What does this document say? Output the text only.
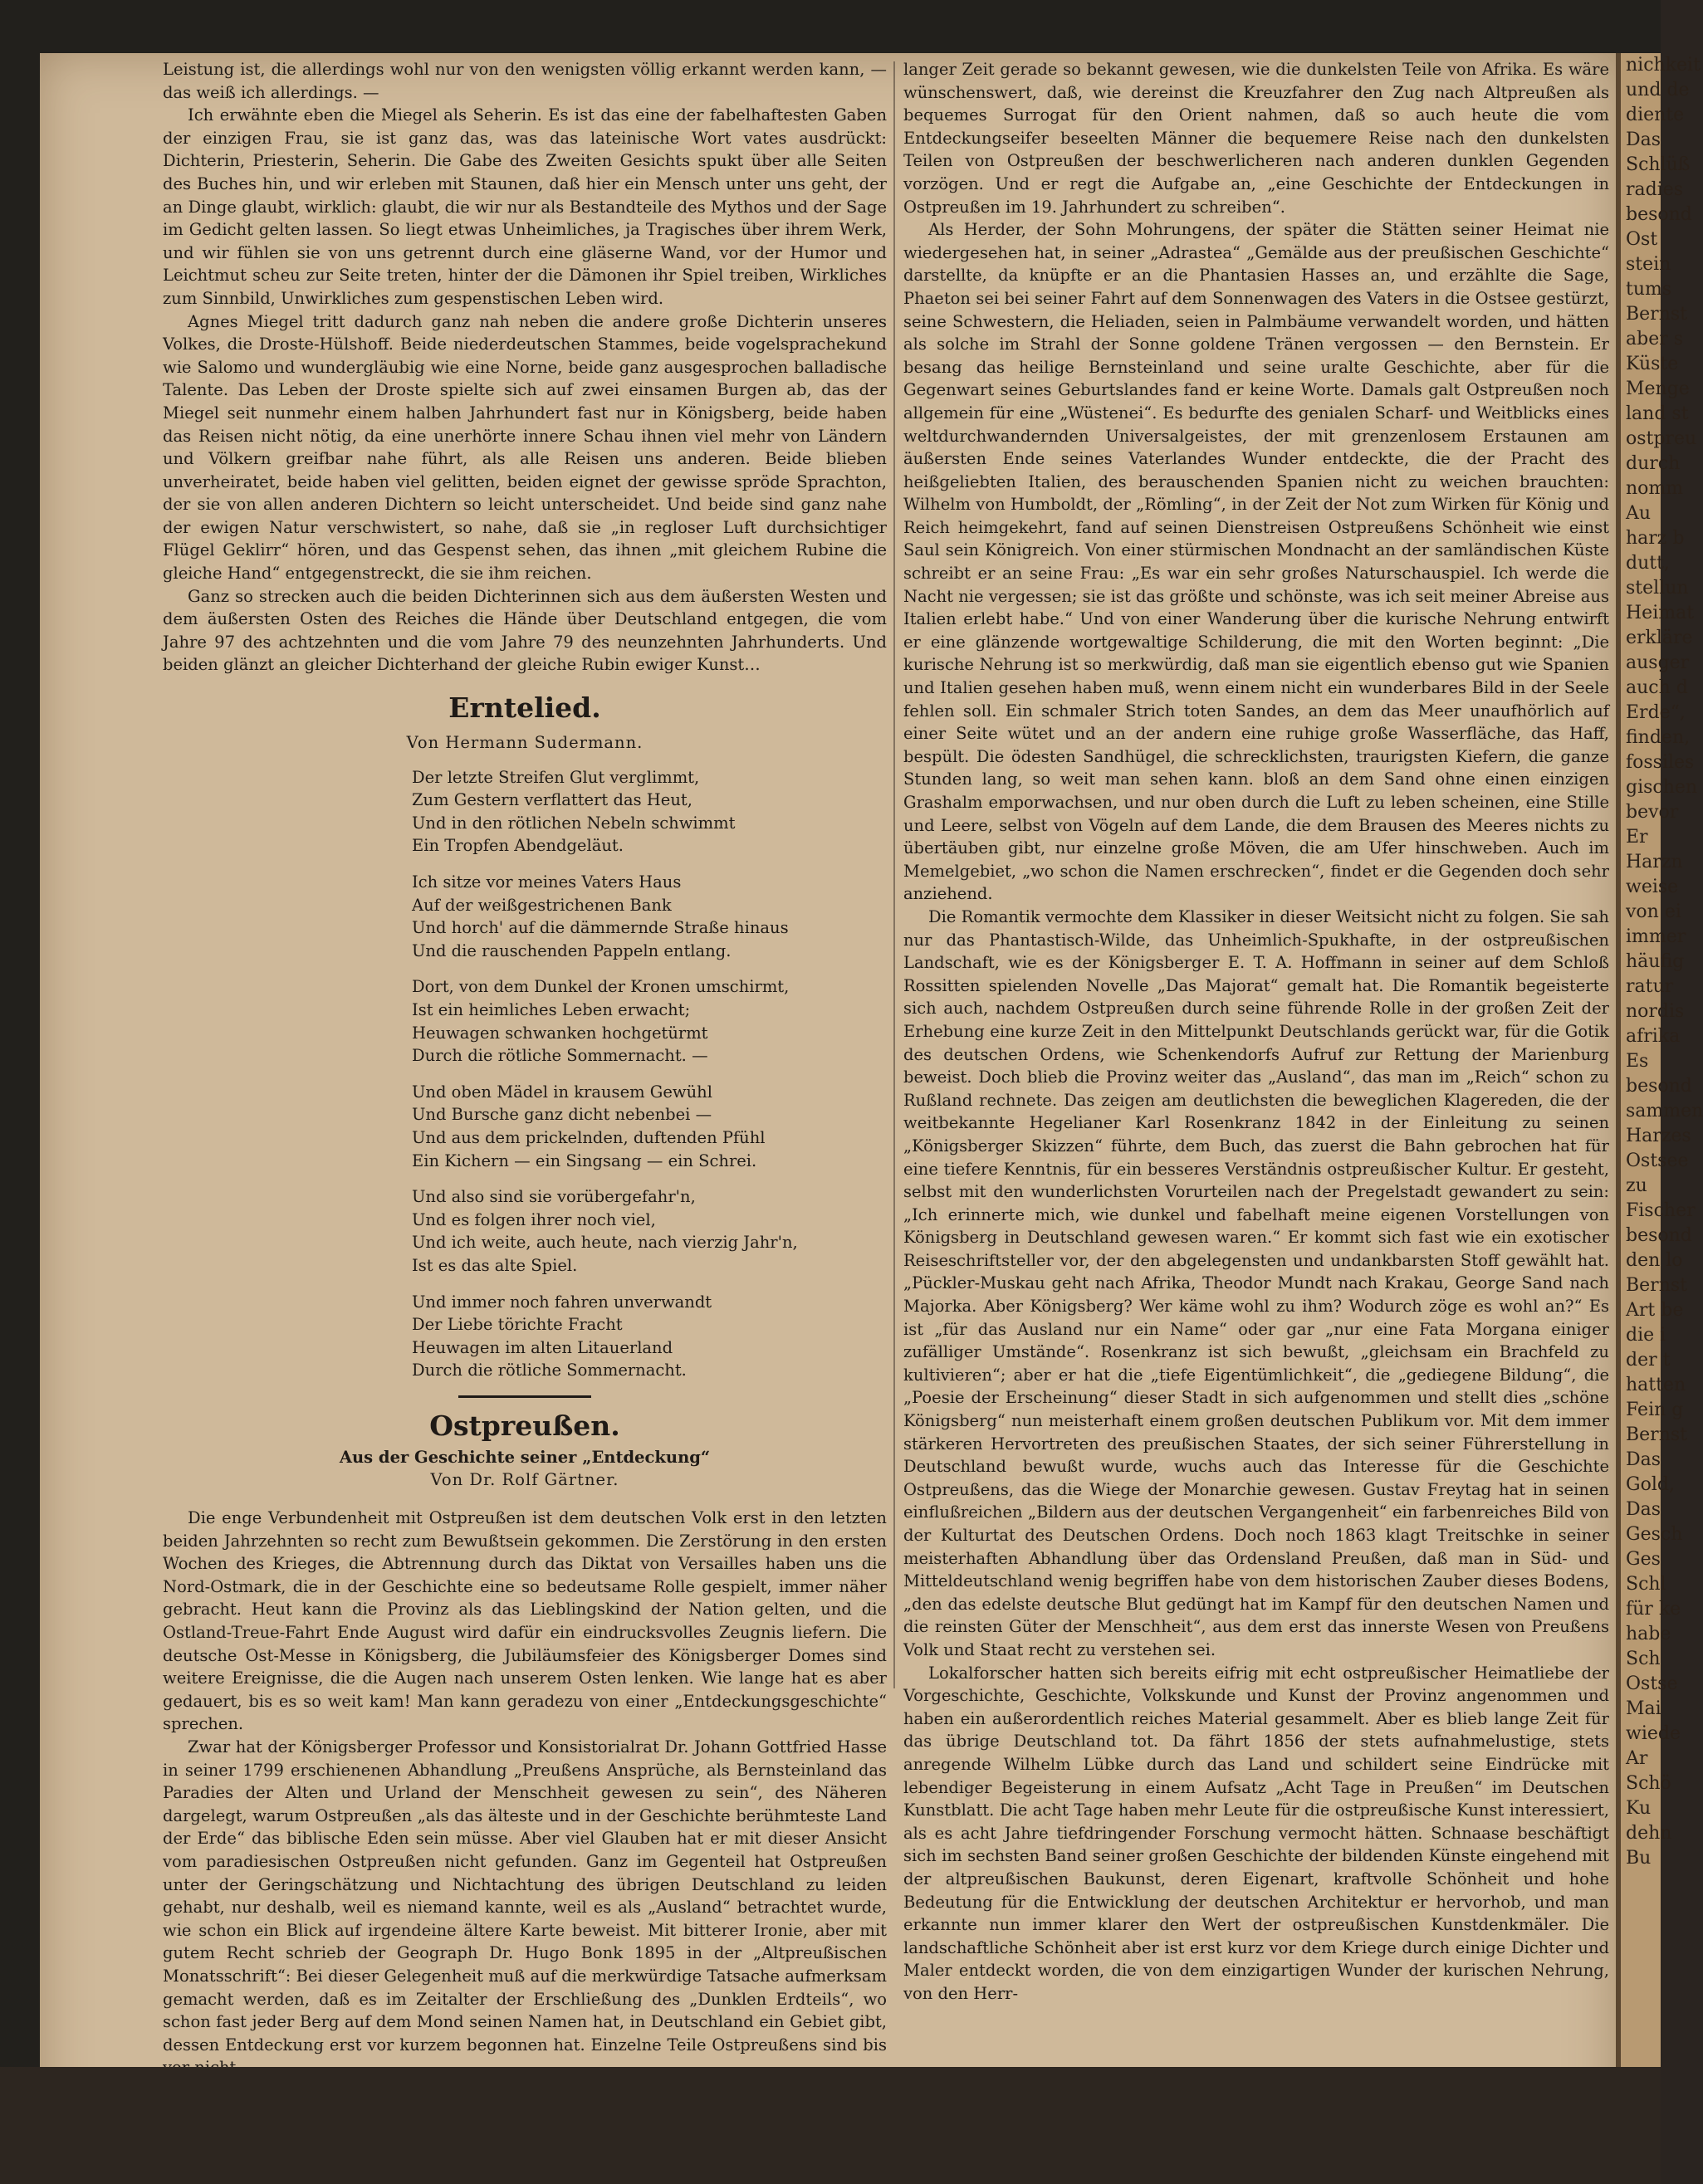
nichkeit

und de

diente

Das

Schlüß

radies

besond

Ost

stein

tums

Bernst

aber s

Küste

Menge

land st

ostpreu

durch

nomm

Au

harz b

dutt,

stellun

Heimat

erkläre

ausger

auch d

Erde“,

finden,

fossiles

gischen

bevor

Er

Harzn

weise

von ei

immer

häufig

ratur

nordis

afrika

Es

besond

sammen

Harzes

Ostsee

zu

Fischer

besond

den lo

Bernst

Art be

die i

der t

hatten

Fein g

Bernst

Das

Gold,

Das

Gesch

Ges

Schl

für ke

habe

Sch

Ostse

Mai

wiede

Ar

Schö

Ku

dehn

Bu

Leistung ist, die allerdings wohl nur von den wenigsten völlig erkannt werden kann, — das weiß ich allerdings. —

Ich erwähnte eben die Miegel als Seherin. Es ist das eine der fabelhaftesten Gaben der einzigen Frau, sie ist ganz das, was das lateinische Wort vates ausdrückt: Dichterin, Priesterin, Seherin. Die Gabe des Zweiten Gesichts spukt über alle Seiten des Buches hin, und wir erleben mit Staunen, daß hier ein Mensch unter uns geht, der an Dinge glaubt, wirklich: glaubt, die wir nur als Bestandteile des Mythos und der Sage im Gedicht gelten lassen. So liegt etwas Unheimliches, ja Tragisches über ihrem Werk, und wir fühlen sie von uns getrennt durch eine gläserne Wand, vor der Humor und Leichtmut scheu zur Seite treten, hinter der die Dämonen ihr Spiel treiben, Wirkliches zum Sinnbild, Unwirkliches zum gespenstischen Leben wird.

Agnes Miegel tritt dadurch ganz nah neben die andere große Dichterin unseres Volkes, die Droste-Hülshoff. Beide niederdeutschen Stammes, beide vogelsprachekund wie Salomo und wundergläubig wie eine Norne, beide ganz ausgesprochen balladische Talente. Das Leben der Droste spielte sich auf zwei einsamen Burgen ab, das der Miegel seit nunmehr einem halben Jahrhundert fast nur in Königsberg, beide haben das Reisen nicht nötig, da eine unerhörte innere Schau ihnen viel mehr von Ländern und Völkern greifbar nahe führt, als alle Reisen uns anderen. Beide blieben unverheiratet, beide haben viel gelitten, beiden eignet der gewisse spröde Sprachton, der sie von allen anderen Dichtern so leicht unterscheidet. Und beide sind ganz nahe der ewigen Natur verschwistert, so nahe, daß sie „in regloser Luft durchsichtiger Flügel Geklirr“ hören, und das Gespenst sehen, das ihnen „mit gleichem Rubine die gleiche Hand“ entgegenstreckt, die sie ihm reichen.

Ganz so strecken auch die beiden Dichterinnen sich aus dem äußersten Westen und dem äußersten Osten des Reiches die Hände über Deutschland entgegen, die vom Jahre 97 des achtzehnten und die vom Jahre 79 des neunzehnten Jahrhunderts. Und beiden glänzt an gleicher Dichterhand der gleiche Rubin ewiger Kunst…

Erntelied.
Von Hermann Sudermann.
Der letzte Streifen Glut verglimmt,
Zum Gestern verflattert das Heut,
Und in den rötlichen Nebeln schwimmt
Ein Tropfen Abendgeläut.
Ich sitze vor meines Vaters Haus
Auf der weißgestrichenen Bank
Und horch' auf die dämmernde Straße hinaus
Und die rauschenden Pappeln entlang.
Dort, von dem Dunkel der Kronen umschirmt,
Ist ein heimliches Leben erwacht;
Heuwagen schwanken hochgetürmt
Durch die rötliche Sommernacht. —
Und oben Mädel in krausem Gewühl
Und Bursche ganz dicht nebenbei —
Und aus dem prickelnden, duftenden Pfühl
Ein Kichern — ein Singsang — ein Schrei.
Und also sind sie vorübergefahr'n,
Und es folgen ihrer noch viel,
Und ich weite, auch heute, nach vierzig Jahr'n,
Ist es das alte Spiel.
Und immer noch fahren unverwandt
Der Liebe törichte Fracht
Heuwagen im alten Litauerland
Durch die rötliche Sommernacht.
Ostpreußen.
Aus der Geschichte seiner „Entdeckung“
Von Dr. Rolf Gärtner.

Die enge Verbundenheit mit Ostpreußen ist dem deutschen Volk erst in den letzten beiden Jahrzehnten so recht zum Bewußtsein gekommen. Die Zerstörung in den ersten Wochen des Krieges, die Abtrennung durch das Diktat von Versailles haben uns die Nord-Ostmark, die in der Geschichte eine so bedeutsame Rolle gespielt, immer näher gebracht. Heut kann die Provinz als das Lieblingskind der Nation gelten, und die Ostland-Treue-Fahrt Ende August wird dafür ein eindrucksvolles Zeugnis liefern. Die deutsche Ost-Messe in Königsberg, die Jubiläumsfeier des Königsberger Domes sind weitere Ereignisse, die die Augen nach unserem Osten lenken. Wie lange hat es aber gedauert, bis es so weit kam! Man kann geradezu von einer „Entdeckungsgeschichte“ sprechen.

Zwar hat der Königsberger Professor und Konsistorialrat Dr. Johann Gottfried Hasse in seiner 1799 erschienenen Abhandlung „Preußens Ansprüche, als Bernsteinland das Paradies der Alten und Urland der Menschheit gewesen zu sein“, des Näheren dargelegt, warum Ostpreußen „als das älteste und in der Geschichte berühmteste Land der Erde“ das biblische Eden sein müsse. Aber viel Glauben hat er mit dieser Ansicht vom paradiesischen Ostpreußen nicht gefunden. Ganz im Gegenteil hat Ostpreußen unter der Geringschätzung und Nichtachtung des übrigen Deutschland zu leiden gehabt, nur deshalb, weil es niemand kannte, weil es als „Ausland“ betrachtet wurde, wie schon ein Blick auf irgendeine ältere Karte beweist. Mit bitterer Ironie, aber mit gutem Recht schrieb der Geograph Dr. Hugo Bonk 1895 in der „Altpreußischen Monatsschrift“: Bei dieser Gelegenheit muß auf die merkwürdige Tatsache aufmerksam gemacht werden, daß es im Zeitalter der Erschließung des „Dunklen Erdteils“, wo schon fast jeder Berg auf dem Mond seinen Namen hat, in Deutschland ein Gebiet gibt, dessen Entdeckung erst vor kurzem begonnen hat. Einzelne Teile Ostpreußens sind bis

langer Zeit gerade so bekannt gewesen, wie die dunkelsten Teile von Afrika. Es wäre wünschenswert, daß, wie dereinst die Kreuzfahrer den Zug nach Altpreußen als bequemes Surrogat für den Orient nahmen, daß so auch heute die vom Entdeckungseifer beseelten Männer die bequemere Reise nach den dunkelsten Teilen von Ostpreußen der beschwerlicheren nach anderen dunklen Gegenden vorzögen. Und er regt die Aufgabe an, „eine Geschichte der Entdeckungen in Ostpreußen im 19. Jahrhundert zu schreiben“.

Als Herder, der Sohn Mohrungens, der später die Stätten seiner Heimat nie wiedergesehen hat, in seiner „Adrastea“ „Gemälde aus der preußischen Geschichte“ darstellte, da knüpfte er an die Phantasien Hasses an, und erzählte die Sage, Phaeton sei bei seiner Fahrt auf dem Sonnenwagen des Vaters in die Ostsee gestürzt, seine Schwestern, die Heliaden, seien in Palmbäume verwandelt worden, und hätten als solche im Strahl der Sonne goldene Tränen vergossen — den Bernstein. Er besang das heilige Bernsteinland und seine uralte Geschichte, aber für die Gegenwart seines Geburtslandes fand er keine Worte. Damals galt Ostpreußen noch allgemein für eine „Wüstenei“. Es bedurfte des genialen Scharf- und Weitblicks eines weltdurchwandernden Universalgeistes, der mit grenzenlosem Erstaunen am äußersten Ende seines Vaterlandes Wunder entdeckte, die der Pracht des heißgeliebten Italien, des berauschenden Spanien nicht zu weichen brauchten: Wilhelm von Humboldt, der „Römling“, in der Zeit der Not zum Wirken für König und Reich heimgekehrt, fand auf seinen Dienstreisen Ostpreußens Schönheit wie einst Saul sein Königreich. Von einer stürmischen Mondnacht an der samländischen Küste schreibt er an seine Frau: „Es war ein sehr großes Naturschauspiel. Ich werde die Nacht nie vergessen; sie ist das größte und schönste, was ich seit meiner Abreise aus Italien erlebt habe.“ Und von einer Wanderung über die kurische Nehrung entwirft er eine glänzende wortgewaltige Schilderung, die mit den Worten beginnt: „Die kurische Nehrung ist so merkwürdig, daß man sie eigentlich ebenso gut wie Spanien und Italien gesehen haben muß, wenn einem nicht ein wunderbares Bild in der Seele fehlen soll. Ein schmaler Strich toten Sandes, an dem das Meer unaufhörlich auf einer Seite wütet und an der andern eine ruhige große Wasserfläche, das Haff, bespült. Die ödesten Sandhügel, die schrecklichsten, traurigsten Kiefern, die ganze Stunden lang, so weit man sehen kann. bloß an dem Sand ohne einen einzigen Grashalm emporwachsen, und nur oben durch die Luft zu leben scheinen, eine Stille und Leere, selbst von Vögeln auf dem Lande, die dem Brausen des Meeres nichts zu übertäuben gibt, nur einzelne große Möven, die am Ufer hinschweben. Auch im Memelgebiet, „wo schon die Namen erschrecken“, findet er die Gegenden doch sehr anziehend.

Die Romantik vermochte dem Klassiker in dieser Weitsicht nicht zu folgen. Sie sah nur das Phantastisch-Wilde, das Unheimlich-Spukhafte, in der ostpreußischen Landschaft, wie es der Königsberger E. T. A. Hoffmann in seiner auf dem Schloß Rossitten spielenden Novelle „Das Majorat“ gemalt hat. Die Romantik begeisterte sich auch, nachdem Ostpreußen durch seine führende Rolle in der großen Zeit der Erhebung eine kurze Zeit in den Mittelpunkt Deutschlands gerückt war, für die Gotik des deutschen Ordens, wie Schenkendorfs Aufruf zur Rettung der Marienburg beweist. Doch blieb die Provinz weiter das „Ausland“, das man im „Reich“ schon zu Rußland rechnete. Das zeigen am deutlichsten die beweglichen Klagereden, die der weitbekannte Hegelianer Karl Rosenkranz 1842 in der Einleitung zu seinen „Königsberger Skizzen“ führte, dem Buch, das zuerst die Bahn gebrochen hat für eine tiefere Kenntnis, für ein besseres Verständnis ostpreußischer Kultur. Er gesteht, selbst mit den wunderlichsten Vorurteilen nach der Pregelstadt gewandert zu sein: „Ich erinnerte mich, wie dunkel und fabelhaft meine eigenen Vorstellungen von Königsberg in Deutschland gewesen waren.“ Er kommt sich fast wie ein exotischer Reiseschriftsteller vor, der den abgelegensten und undankbarsten Stoff gewählt hat. „Pückler-Muskau geht nach Afrika, Theodor Mundt nach Krakau, George Sand nach Majorka. Aber Königsberg? Wer käme wohl zu ihm? Wodurch zöge es wohl an?“ Es ist „für das Ausland nur ein Name“ oder gar „nur eine Fata Morgana einiger zufälliger Umstände“. Rosenkranz ist sich bewußt, „gleichsam ein Brachfeld zu kultivieren“; aber er hat die „tiefe Eigentümlichkeit“, die „gediegene Bildung“, die „Poesie der Erscheinung“ dieser Stadt in sich aufgenommen und stellt dies „schöne Königsberg“ nun meisterhaft einem großen deutschen Publikum vor. Mit dem immer stärkeren Hervortreten des preußischen Staates, der sich seiner Führerstellung in Deutschland bewußt wurde, wuchs auch das Interesse für die Geschichte Ostpreußens, das die Wiege der Monarchie gewesen. Gustav Freytag hat in seinen einflußreichen „Bildern aus der deutschen Vergangenheit“ ein farbenreiches Bild von der Kulturtat des Deutschen Ordens. Doch noch 1863 klagt Treitschke in seiner meisterhaften Abhandlung über das Ordensland Preußen, daß man in Süd- und Mitteldeutschland wenig begriffen habe von dem historischen Zauber dieses Bodens, „den das edelste deutsche Blut gedüngt hat im Kampf für den deutschen Namen und die reinsten Güter der Menschheit“, aus dem erst das innerste Wesen von Preußens Volk und Staat recht zu verstehen sei.

Lokalforscher hatten sich bereits eifrig mit echt ostpreußischer Heimatliebe der Vorgeschichte, Geschichte, Volkskunde und Kunst der Provinz angenommen und haben ein außerordentlich reiches Material gesammelt. Aber es blieb lange Zeit für das übrige Deutschland tot. Da fährt 1856 der stets aufnahmelustige, stets anregende Wilhelm Lübke durch das Land und schildert seine Eindrücke mit lebendiger Begeisterung in einem Aufsatz „Acht Tage in Preußen“ im Deutschen Kunstblatt. Die acht Tage haben mehr Leute für die ostpreußische Kunst interessiert, als es acht Jahre tiefdringender Forschung vermocht hätten. Schnaase beschäftigt sich im sechsten Band seiner großen Geschichte der bildenden Künste eingehend mit der altpreußischen Baukunst, deren Eigenart, kraftvolle Schönheit und hohe Bedeutung für die Entwicklung der deutschen Architektur er hervorhob, und man erkannte nun immer klarer den Wert der ostpreußischen Kunstdenkmäler. Die landschaftliche Schönheit aber ist erst kurz vor dem Kriege durch einige Dichter und Maler entdeckt worden, die von dem einzigartigen Wunder der kurischen Nehrung, von den Herr-
